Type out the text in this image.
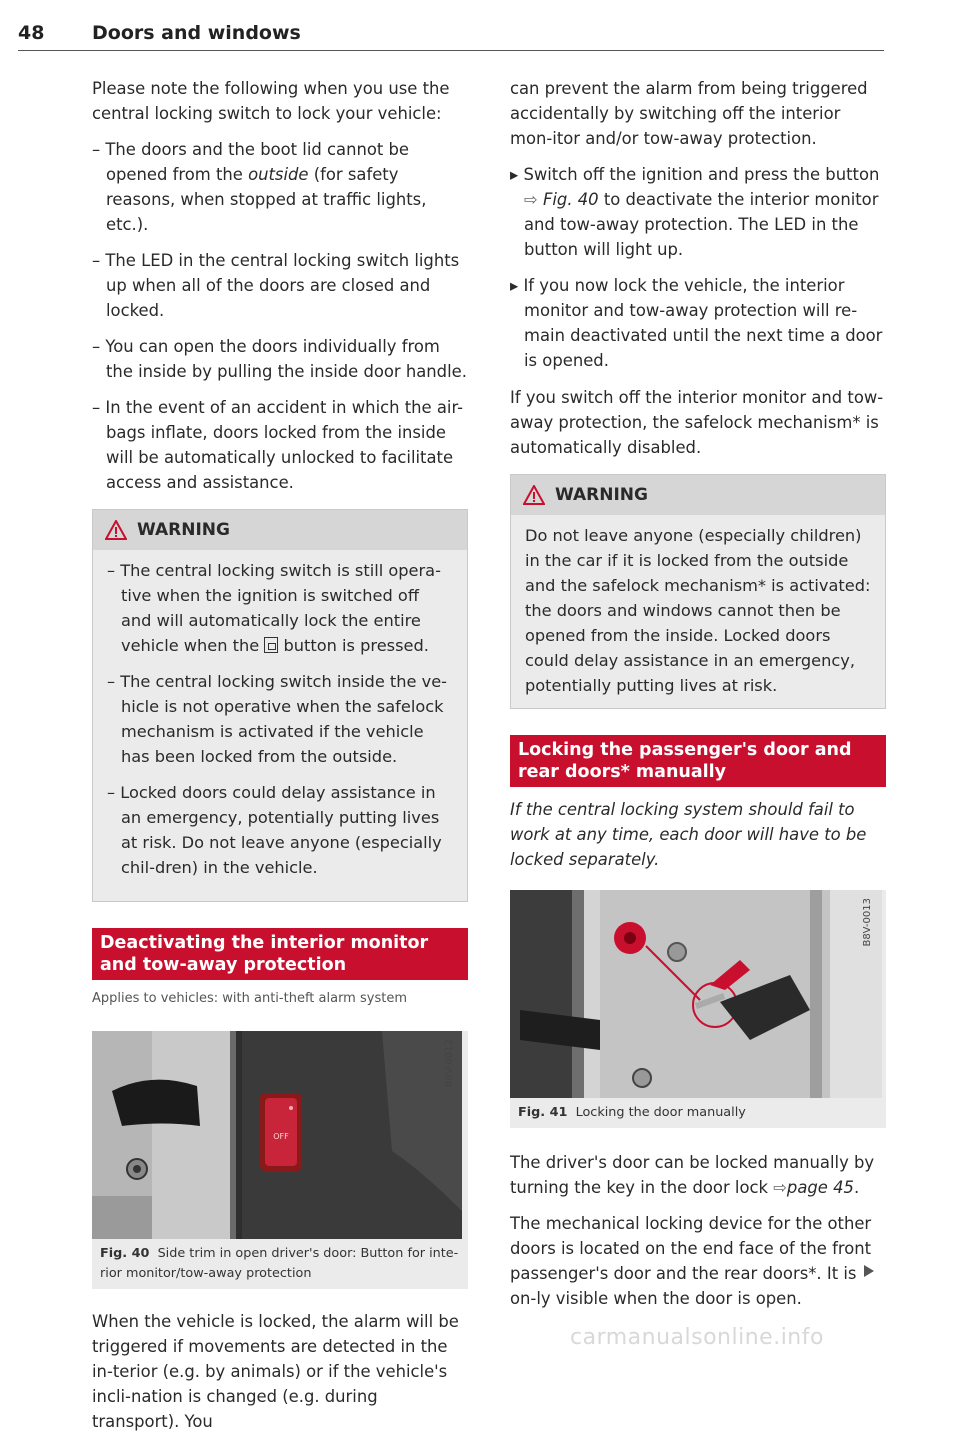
48	Doors and windows

Please note the following when you use the central locking switch to lock your vehicle:

– The doors and the boot lid cannot be opened from the outside (for safety reasons, when stopped at traffic lights, etc.).

– The LED in the central locking switch lights up when all of the doors are closed and locked.

– You can open the doors individually from the inside by pulling the inside door handle.

– In the event of an accident in which the air-bags inflate, doors locked from the inside will be automatically unlocked to facilitate access and assistance.

WARNING

– The central locking switch is still opera-tive when the ignition is switched off and will automatically lock the entire vehicle when the
button is pressed.

– The central locking switch inside the ve-hicle is not operative when the safelock mechanism is activated if the vehicle has been locked from the outside.

– Locked doors could delay assistance in an emergency, potentially putting lives at risk. Do not leave anyone (especially chil-dren) in the vehicle.

Deactivating the interior monitor and tow-away protection
Applies to vehicles: with anti-theft alarm system
OFF
B8V-0012
Fig. 40 Side trim in open driver's door: Button for inte-rior monitor/tow-away protection

When the vehicle is locked, the alarm will be triggered if movements are detected in the in-terior (e.g. by animals) or if the vehicle's incli-nation is changed (e.g. during transport). You

can prevent the alarm from being triggered accidentally by switching off the interior mon-itor and/or tow-away protection.

▸ Switch off the ignition and press the button ⇨ Fig. 40 to deactivate the interior monitor and tow-away protection. The LED in the button will light up.

▸ If you now lock the vehicle, the interior monitor and tow-away protection will re-main deactivated until the next time a door is opened.

If you switch off the interior monitor and tow-away protection, the safelock mechanism* is automatically disabled.

WARNING
Do not leave anyone (especially children) in the car if it is locked from the outside and the safelock mechanism* is activated: the doors and windows cannot then be opened from the inside. Locked doors could delay assistance in an emergency, potentially putting lives at risk.
Locking the passenger's door and rear doors* manually

If the central locking system should fail to work at any time, each door will have to be locked separately.

B8V-0013
Fig. 41 Locking the door manually

The driver's door can be locked manually by turning the key in the door lock ⇨page 45.

The mechanical locking device for the other doors is located on the end face of the front passenger's door and the rear doors*. It is on-ly visible when the door is open.

carmanualsonline.info
